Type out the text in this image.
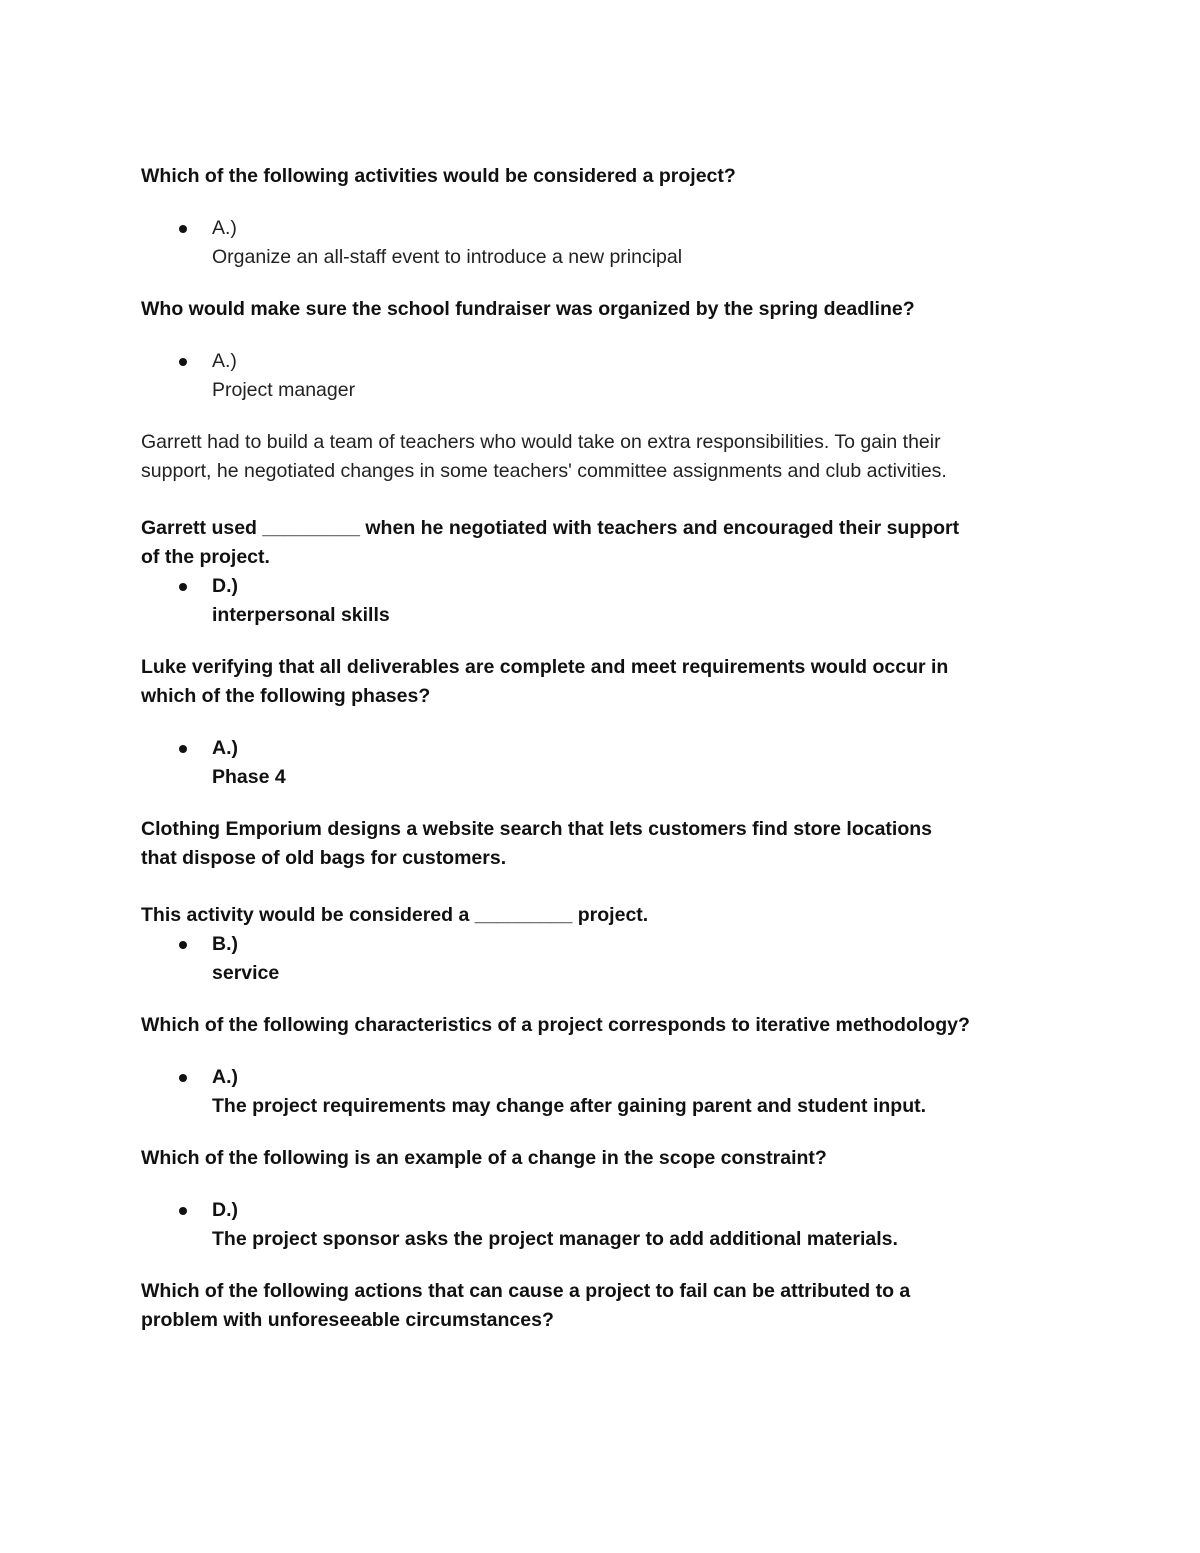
Which of the following activities would be considered a project?

A.)
Organize an all-staff event to introduce a new principal

Who would make sure the school fundraiser was organized by the spring deadline?

A.)
Project manager
Garrett had to build a team of teachers who would take on extra responsibilities. To gain their
support, he negotiated changes in some teachers' committee assignments and club activities.
Garrett used _________ when he negotiated with teachers and encouraged their support
of the project.
D.)
interpersonal skills
Luke verifying that all deliverables are complete and meet requirements would occur in
which of the following phases?
A.)
Phase 4
Clothing Emporium designs a website search that lets customers find store locations
that dispose of old bags for customers.

This activity would be considered a _________ project.

B.)
service

Which of the following characteristics of a project corresponds to iterative methodology?

A.)
The project requirements may change after gaining parent and student input.

Which of the following is an example of a change in the scope constraint?

D.)
The project sponsor asks the project manager to add additional materials.
Which of the following actions that can cause a project to fail can be attributed to a
problem with unforeseeable circumstances?
